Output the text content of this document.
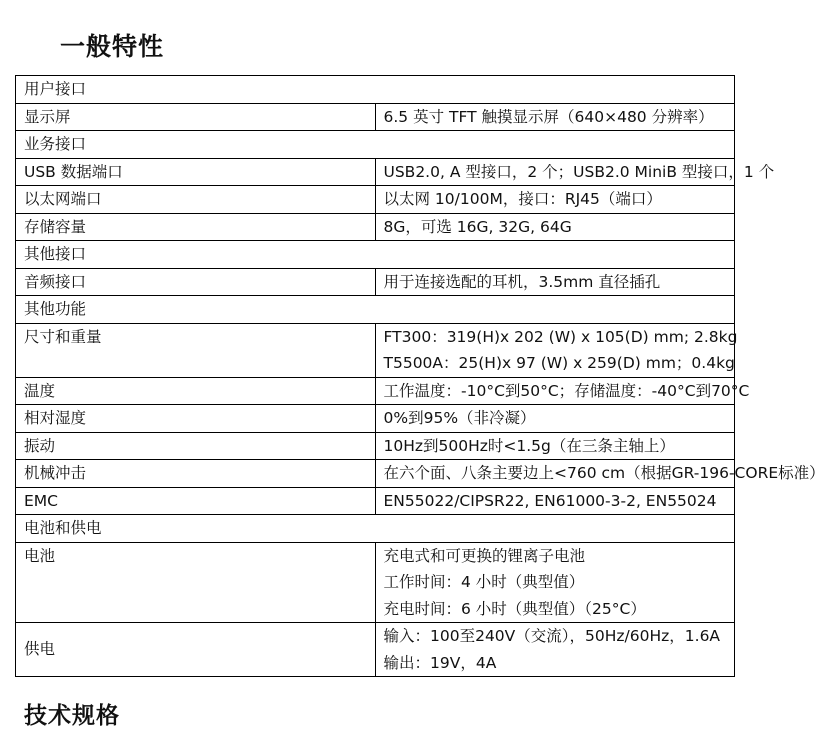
一般特性
用户接口	
显示屏	6.5 英寸 TFT 触摸显示屏（640×480 分辨率）

业务接口	
USB 数据端口	USB2.0, A 型接口，2 个；USB2.0 MiniB 型接口，1 个

以太网端口	以太网 10/100M，接口：RJ45（端口）

存储容量	8G，可选 16G, 32G, 64G

其他接口	
音频接口	用于连接选配的耳机，3.5mm 直径插孔

其他功能	
尺寸和重量	FT300：319(H)x 202 (W) x 105(D) mm; 2.8kg
T5500A：25(H)x 97 (W) x 259(D) mm；0.4kg

温度	工作温度：-10°C到50°C；存储温度：-40°C到70°C

相对湿度	0%到95%（非冷凝）

振动	10Hz到500Hz时<1.5g（在三条主轴上）

机械冲击	在六个面、八条主要边上<760 cm（根据GR-196-CORE标准）

EMC	EN55022/CIPSR22, EN61000-3-2, EN55024

电池和供电	
电池	充电式和可更换的锂离子电池
工作时间：4 小时（典型值）
充电时间：6 小时（典型值）（25°C）

供电	输入：100至240V（交流），50Hz/60Hz，1.6A
输出：19V，4A
技术规格
